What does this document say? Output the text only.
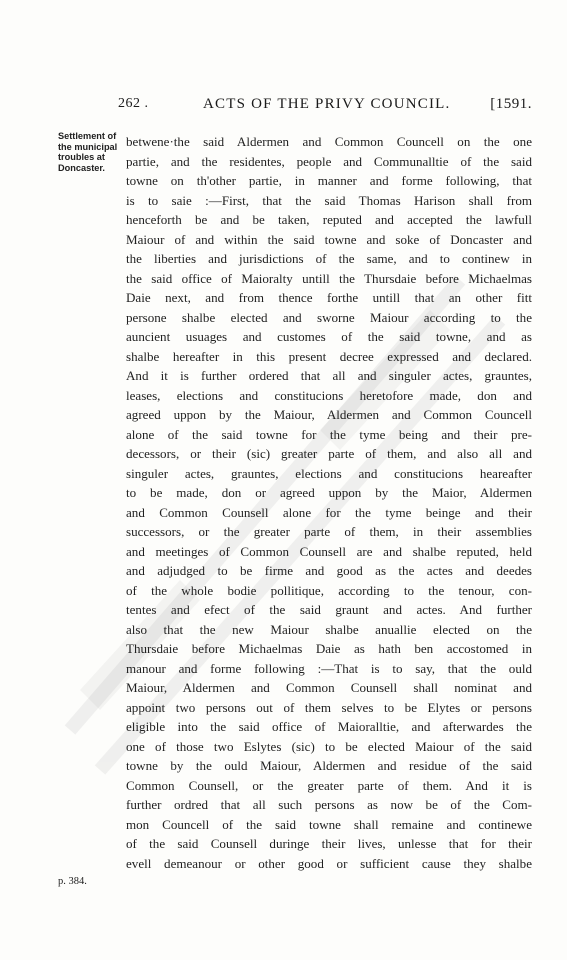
262 .	ACTS OF THE PRIVY COUNCIL.	[1591.
Settlement of
the municipal
troubles at
Doncaster.
p. 384.
betwene·the said Aldermen and Common Councell on the one
partie, and the residentes, people and Communalltie of the said
towne on th'other partie, in manner and forme following, that
is to saie :—First, that the said Thomas Harison shall from
henceforth be and be taken, reputed and accepted the lawfull
Maiour of and within the said towne and soke of Doncaster and
the liberties and jurisdictions of the same, and to continew in
the said office of Maioralty untill the Thursdaie before Michaelmas
Daie next, and from thence forthe untill that an other fitt
persone shalbe elected and sworne Maiour according to the
auncient usuages and customes of the said towne, and as
shalbe hereafter in this present decree expressed and declared.
And it is further ordered that all and singuler actes, grauntes,
leases, elections and constitucions heretofore made, don and
agreed uppon by the Maiour, Aldermen and Common Councell
alone of the said towne for the tyme being and their pre-
decessors, or their (sic) greater parte of them, and also all and
singuler actes, grauntes, elections and constitucions heareafter
to be made, don or agreed uppon by the Maior, Aldermen
and Common Counsell alone for the tyme beinge and their
successors, or the greater parte of them, in their assemblies
and meetinges of Common Counsell are and shalbe reputed, held
and adjudged to be firme and good as the actes and deedes
of the whole bodie pollitique, according to the tenour, con-
tentes and efect of the said graunt and actes. And further
also that the new Maiour shalbe anuallie elected on the
Thursdaie before Michaelmas Daie as hath ben accostomed in
manour and forme following :—That is to say, that the ould
Maiour, Aldermen and Common Counsell shall nominat and
appoint two persons out of them selves to be Elytes or persons
eligible into the said office of Maioralltie, and afterwardes the
one of those two Eslytes (sic) to be elected Maiour of the said
towne by the ould Maiour, Aldermen and residue of the said
Common Counsell, or the greater parte of them. And it is
further ordred that all such persons as now be of the Com-
mon Councell of the said towne shall remaine and continewe
of the said Counsell duringe their lives, unlesse that for their
evell demeanour or other good or sufficient cause they shalbe
